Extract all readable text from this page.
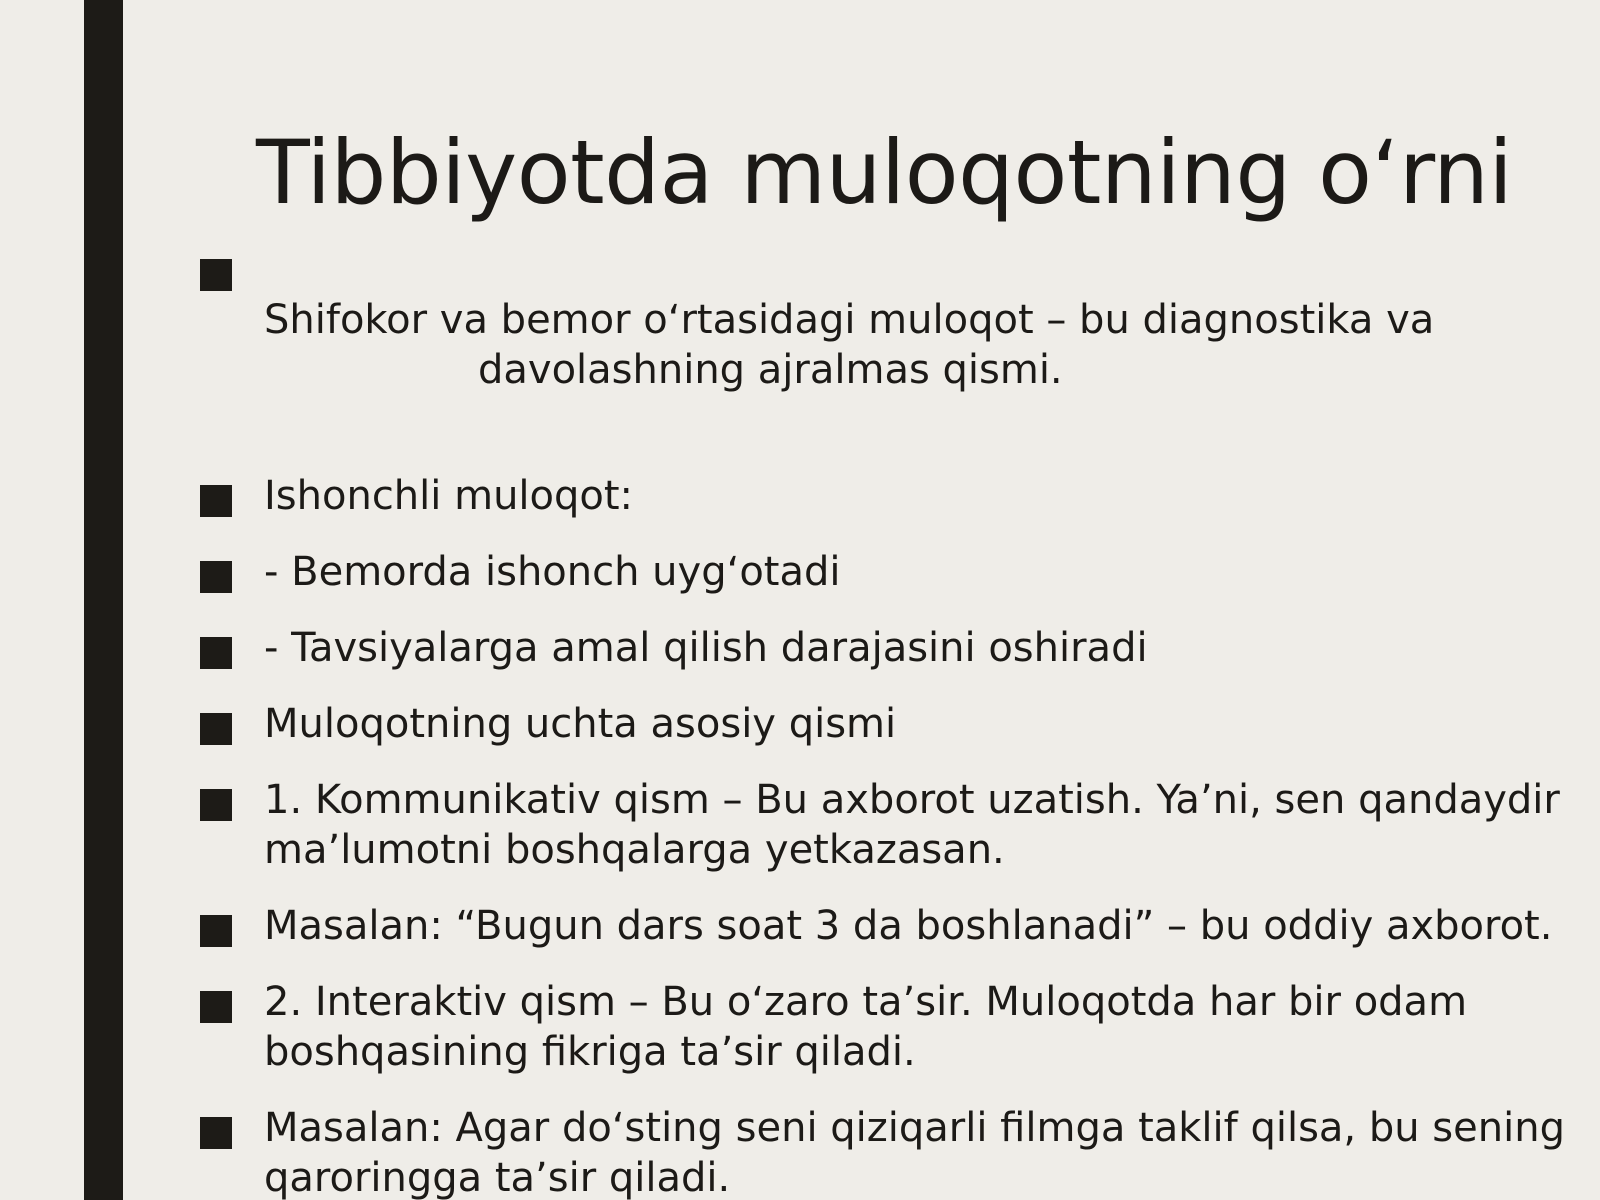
Tibbiyotda muloqotning o‘rni

Shifokor va bemor o‘rtasidagi muloqot – bu diagnostika va

davolashning ajralmas qismi.

Ishonchli muloqot:
- Bemorda ishonch uyg‘otadi
- Tavsiyalarga amal qilish darajasini oshiradi
Muloqotning uchta asosiy qismi
1. Kommunikativ qism – Bu axborot uzatish. Ya’ni, sen qandaydir ma’lumotni boshqalarga yetkazasan.
Masalan: “Bugun dars soat 3 da boshlanadi” – bu oddiy axborot.
2. Interaktiv qism – Bu o‘zaro ta’sir. Muloqotda har bir odam boshqasining fikriga ta’sir qiladi.
Masalan: Agar do‘sting seni qiziqarli filmga taklif qilsa, bu sening qaroringga ta’sir qiladi.
